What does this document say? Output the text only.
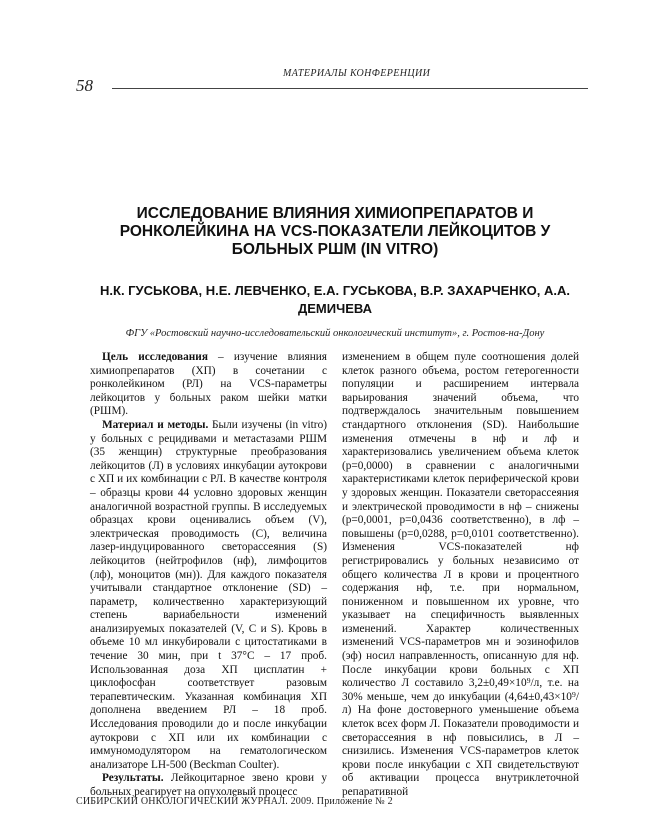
МАТЕРИАЛЫ КОНФЕРЕНЦИИ
58
ИССЛЕДОВАНИЕ ВЛИЯНИЯ ХИМИОПРЕПАРАТОВ И РОНКОЛЕЙКИНА НА VCS-ПОКАЗАТЕЛИ ЛЕЙКОЦИТОВ У БОЛЬНЫХ РШМ (IN VITRO)
Н.К. ГУСЬКОВА, Н.Е. ЛЕВЧЕНКО, Е.А. ГУСЬКОВА, В.Р. ЗАХАРЧЕНКО, А.А. ДЕМИЧЕВА
ФГУ «Ростовский научно-исследовательский онкологический институт», г. Ростов-на-Дону

Цель исследования – изучение влияния химиопрепаратов (ХП) в сочетании с ронколейкином (РЛ) на VCS-параметры лейкоцитов у больных раком шейки матки (РШМ).

Материал и методы. Были изучены (in vitro) у больных с рецидивами и метастазами РШМ (35 женщин) структурные преобразования лейкоцитов (Л) в условиях инкубации аутокрови с ХП и их комбинации с РЛ. В качестве контроля – образцы крови 44 условно здоровых женщин аналогичной возрастной группы. В исследуемых образцах крови оценивались объем (V), электрическая проводимость (С), величина лазер-индуцированного светорассеяния (S) лейкоцитов (нейтрофилов (нф), лимфоцитов (лф), моноцитов (мн)). Для каждого показателя учитывали стандартное отклонение (SD) – параметр, количественно характеризующий степень вариабельности изменений анализируемых показателей (V, C и S). Кровь в объеме 10 мл инкубировали с цитостатиками в течение 30 мин, при t 37°С – 17 проб. Использованная доза ХП цисплатин + циклофосфан соответствует разовым терапевтическим. Указанная комбинация ХП дополнена введением РЛ – 18 проб. Исследования проводили до и после инкубации аутокрови с ХП или их комбинации с иммуномодулятором на гематологическом анализаторе LH-500 (Beckman Coulter).

Результаты. Лейкоцитарное звено крови у больных реагирует на опухолевый процесс

изменением в общем пуле соотношения долей клеток разного объема, ростом гетерогенности популяции и расширением интервала варьирования значений объема, что подтверждалось значительным повышением стандартного отклонения (SD). Наибольшие изменения отмечены в нф и лф и характеризовались увеличением объема клеток (р=0,0000) в сравнении с аналогичными характеристиками клеток периферической крови у здоровых женщин. Показатели светорассеяния и электрической проводимости в нф – снижены (р=0,0001, р=0,0436 соответственно), в лф – повышены (р=0,0288, р=0,0101 соответственно). Изменения VCS-показателей нф регистрировались у больных независимо от общего количества Л в крови и процентного содержания нф, т.е. при нормальном, пониженном и повышенном их уровне, что указывает на специфичность выявленных изменений. Характер количественных изменений VCS-параметров мн и эозинофилов (эф) носил направленность, описанную для нф. После инкубации крови больных с ХП количество Л составило 3,2±0,49×10⁹/л, т.е. на 30% меньше, чем до инкубации (4,64±0,43×10⁹/л) На фоне достоверного уменьшение объема клеток всех форм Л. Показатели проводимости и светорассеяния в нф повысились, в Л – снизились. Изменения VCS-параметров клеток крови после инкубации с ХП свидетельствуют об активации процесса внутриклеточной репаративной

СИБИРСКИЙ ОНКОЛОГИЧЕСКИЙ ЖУРНАЛ. 2009. Приложение № 2
